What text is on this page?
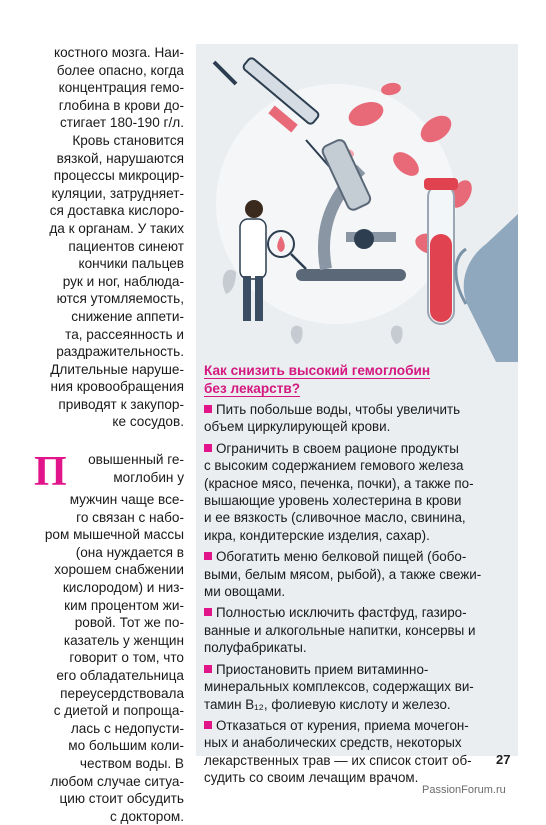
костного мозга. Наи-
более опасно, когда
концентрация гемо-
глобина в крови до-
стигает 180-190 г/л.
Кровь становится
вязкой, нарушаются
процессы микроцир-
куляции, затрудняет-
ся доставка кислоро-
да к органам. У таких
пациентов синеют
кончики пальцев
рук и ног, наблюда-
ются утомляемость,
снижение аппети-
та, рассеянность и
раздражительность.
Длительные наруше-
ния кровообращения
приводят к закупор-
ке сосудов.
П	овышенный ге-
моглобин у
мужчин чаще все-
го связан с набо-
ром мышечной массы
(она нуждается в
хорошем снабжении
кислородом) и низ-
ким процентом жи-
ровой. Тот же по-
казатель у женщин
говорит о том, что
его обладательница
переусердствовала
с диетой и попроща-
лась с недопусти-
мо большим коли-
чеством воды. В
любом случае ситуа-
цию стоит обсудить
с доктором.
Как снизить высокий гемоглобин
без лекарств?
Пить побольше воды, чтобы увеличить
объем циркулирующей крови.
Ограничить в своем рационе продукты
с высоким содержанием гемового железа
(красное мясо, печенка, почки), а также по-
вышающие уровень холестерина в крови
и ее вязкость (сливочное масло, свинина,
икра, кондитерские изделия, сахар).
Обогатить меню белковой пищей (бобо-
выми, белым мясом, рыбой), а также свежи-
ми овощами.
Полностью исключить фастфуд, газиро-
ванные и алкогольные напитки, консервы и
полуфабрикаты.
Приостановить прием витаминно-
минеральных комплексов, содержащих ви-
тамин B₁₂, фолиевую кислоту и железо.
Отказаться от курения, приема мочегон-
ных и анаболических средств, некоторых
лекарственных трав — их список стоит об-
судить со своим лечащим врачом.
27
PassionForum.ru
